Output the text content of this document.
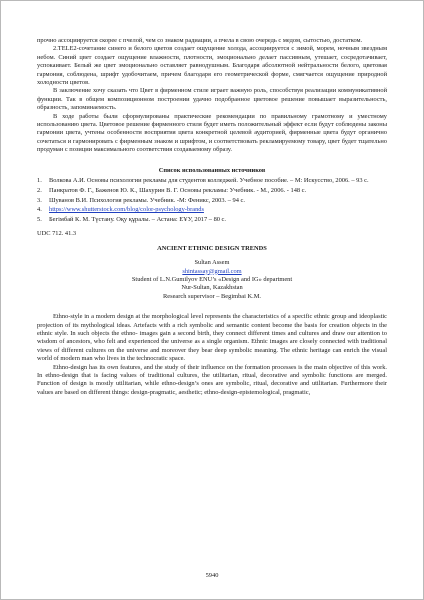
прочно ассоциируется скорее с пчелой, чем со знаком радиации, а пчела в свою очередь с медом, сытостью, достатком.

2.TELE2-сочетание синего и белого цветов создает ощущение холода, ассоциируется с зимой, морем, ночным звездным небом. Синий цвет создает ощущение влажности, плотности, эмоционально делает пассивным, утешает, сосредотачивает, успокаивает. Белый же цвет эмоционально оставляет равнодушным. Благодаря абсолютной нейтральности белого, цветовая гармония, соблюдена, шрифт удобочитаем, причем благодаря его геометрической форме, смягчается ощущение природной холодности цветов.

В заключение хочу сказать что Цвет в фирменном стиле играет важную роль, способствуя реализации коммуникативной функции. Так в общем композиционном построении удачно подобранное цветовое решение повышает выразительность, образность, запоминаемость.

В ходе работы были сформулированы практические рекомендации по правильному грамотному и уместному использованию цвета. Цветовое решение фирменного стиля будет иметь положительный эффект если будут соблюдены законы гармонии цвета, учтены особенности восприятия цвета конкретной целевой аудиторией, фирменные цвета будут органично сочетаться и гармонировать с фирменным знаком и шрифтом, и соответствовать рекламируемому товару, цвет будет тщательно продуман с позиции максимального соответствия создаваемому образу.

Список использованных источников
1. Волкова А.И. Основы психологии рекламы для студентов колледжей. Учебное пособие. – М: Искусство, 2006. – 93 с.
2. Панкратов Ф. Г., Баженов Ю. К., Шахурин В. Г. Основы рекламы: Учебник. - М., 2006. - 148 с.
3. Шуванов В.И. Психология рекламы. Учебник. -М: Феникс, 2003. – 94 с.
4. https://www.shutterstock.com/blog/color-psychology-brands
5. Бегімбай К. М. Түстану. Оқу құралы. – Астана: ЕҰУ, 2017 – 80 с.

UDC 712. 41.3

ANCIENT ETHNIC DESIGN TRENDS
Sultan Assem
shintassay@gmail.com
Student of L.N.Gumilyov ENU’s «Design and IG» department
Nur-Sultan, Kazakhstan
Research supervisor – Begimbai K.M.

Ethno-style in a modern design at the morphological level represents the characteristics of a specific ethnic group and ideoplastic projection of its mythological ideas. Artefacts with a rich symbolic and semantic content become the basis for creation objects in the ethnic style. In such objects the ethno- images gain a second birth, they connect different times and cultures and draw our attention to wisdom of ancestors, who felt and experienced the universe as a single organism. Ethnic images are closely connected with traditional views of different cultures on the universe and moreover they bear deep symbolic meaning. The ethnic heritage can enrich the visual world of modern man who lives in the technocratic space.

Ethno-design has its own features, and the study of their influence on the formation processes is the main objective of this work. In ethno-design that is facing values of traditional cultures, the utilitarian, ritual, decorative and symbolic functions are merged. Function of design is mostly utilitarian, while ethno-design’s ones are symbolic, ritual, decorative and utilitarian. Furthermore their values are based on different things: design-pragmatic, aesthetic; ethno-design-epistemological, pragmatic,

5940
